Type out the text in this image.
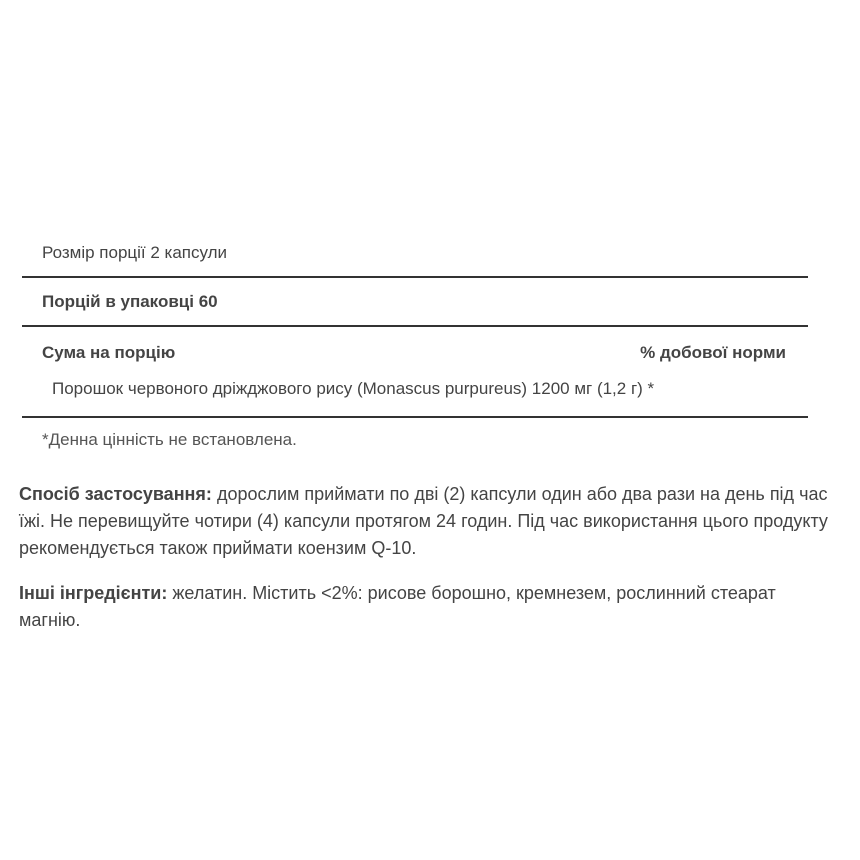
Розмір порції 2 капсули
Порцій в упаковці 60
Сума на порцію	% добової норми
Порошок червоного дріжджового рису (Monascus purpureus) 1200 мг (1,2 г) *
*Денна цінність не встановлена.
Спосіб застосування: дорослим приймати по дві (2) капсули один або два рази на день під час їжі. Не перевищуйте чотири (4) капсули протягом 24 годин. Під час використання цього продукту рекомендується також приймати коензим Q-10.
Інші інгредієнти: желатин. Містить <2%: рисове борошно, кремнезем, рослинний стеарат магнію.
